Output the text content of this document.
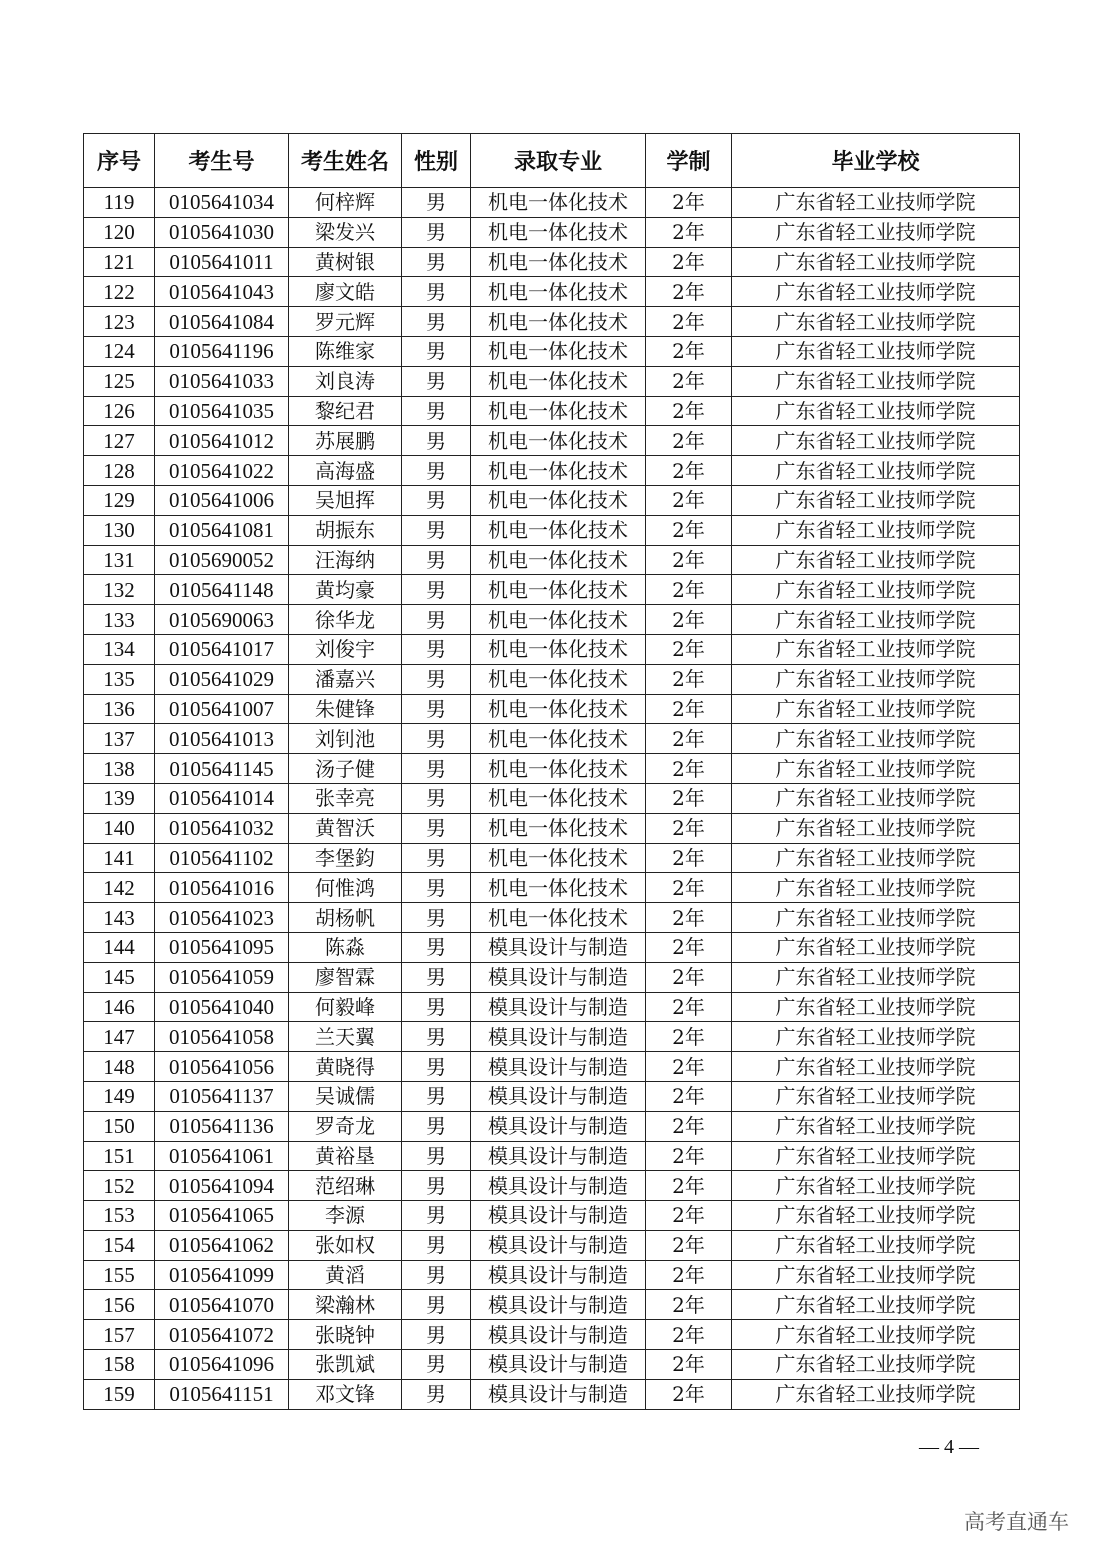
序号	考生号	考生姓名	性别	录取专业	学制	毕业学校
119	0105641034	何梓辉	男	机电一体化技术	2年	广东省轻工业技师学院
120	0105641030	梁发兴	男	机电一体化技术	2年	广东省轻工业技师学院
121	0105641011	黄树银	男	机电一体化技术	2年	广东省轻工业技师学院
122	0105641043	廖文皓	男	机电一体化技术	2年	广东省轻工业技师学院
123	0105641084	罗元辉	男	机电一体化技术	2年	广东省轻工业技师学院
124	0105641196	陈维家	男	机电一体化技术	2年	广东省轻工业技师学院
125	0105641033	刘良涛	男	机电一体化技术	2年	广东省轻工业技师学院
126	0105641035	黎纪君	男	机电一体化技术	2年	广东省轻工业技师学院
127	0105641012	苏展鹏	男	机电一体化技术	2年	广东省轻工业技师学院
128	0105641022	高海盛	男	机电一体化技术	2年	广东省轻工业技师学院
129	0105641006	吴旭挥	男	机电一体化技术	2年	广东省轻工业技师学院
130	0105641081	胡振东	男	机电一体化技术	2年	广东省轻工业技师学院
131	0105690052	汪海纳	男	机电一体化技术	2年	广东省轻工业技师学院
132	0105641148	黄均豪	男	机电一体化技术	2年	广东省轻工业技师学院
133	0105690063	徐华龙	男	机电一体化技术	2年	广东省轻工业技师学院
134	0105641017	刘俊宇	男	机电一体化技术	2年	广东省轻工业技师学院
135	0105641029	潘嘉兴	男	机电一体化技术	2年	广东省轻工业技师学院
136	0105641007	朱健锋	男	机电一体化技术	2年	广东省轻工业技师学院
137	0105641013	刘钊池	男	机电一体化技术	2年	广东省轻工业技师学院
138	0105641145	汤子健	男	机电一体化技术	2年	广东省轻工业技师学院
139	0105641014	张幸亮	男	机电一体化技术	2年	广东省轻工业技师学院
140	0105641032	黄智沃	男	机电一体化技术	2年	广东省轻工业技师学院
141	0105641102	李堡鈞	男	机电一体化技术	2年	广东省轻工业技师学院
142	0105641016	何惟鸿	男	机电一体化技术	2年	广东省轻工业技师学院
143	0105641023	胡杨帆	男	机电一体化技术	2年	广东省轻工业技师学院
144	0105641095	陈淼	男	模具设计与制造	2年	广东省轻工业技师学院
145	0105641059	廖智霖	男	模具设计与制造	2年	广东省轻工业技师学院
146	0105641040	何毅峰	男	模具设计与制造	2年	广东省轻工业技师学院
147	0105641058	兰天翼	男	模具设计与制造	2年	广东省轻工业技师学院
148	0105641056	黄晓得	男	模具设计与制造	2年	广东省轻工业技师学院
149	0105641137	吴诚儒	男	模具设计与制造	2年	广东省轻工业技师学院
150	0105641136	罗奇龙	男	模具设计与制造	2年	广东省轻工业技师学院
151	0105641061	黄裕垦	男	模具设计与制造	2年	广东省轻工业技师学院
152	0105641094	范绍琳	男	模具设计与制造	2年	广东省轻工业技师学院
153	0105641065	李源	男	模具设计与制造	2年	广东省轻工业技师学院
154	0105641062	张如权	男	模具设计与制造	2年	广东省轻工业技师学院
155	0105641099	黄滔	男	模具设计与制造	2年	广东省轻工业技师学院
156	0105641070	梁瀚林	男	模具设计与制造	2年	广东省轻工业技师学院
157	0105641072	张晓钟	男	模具设计与制造	2年	广东省轻工业技师学院
158	0105641096	张凯斌	男	模具设计与制造	2年	广东省轻工业技师学院
159	0105641151	邓文锋	男	模具设计与制造	2年	广东省轻工业技师学院
— 4 —
高考直通车
